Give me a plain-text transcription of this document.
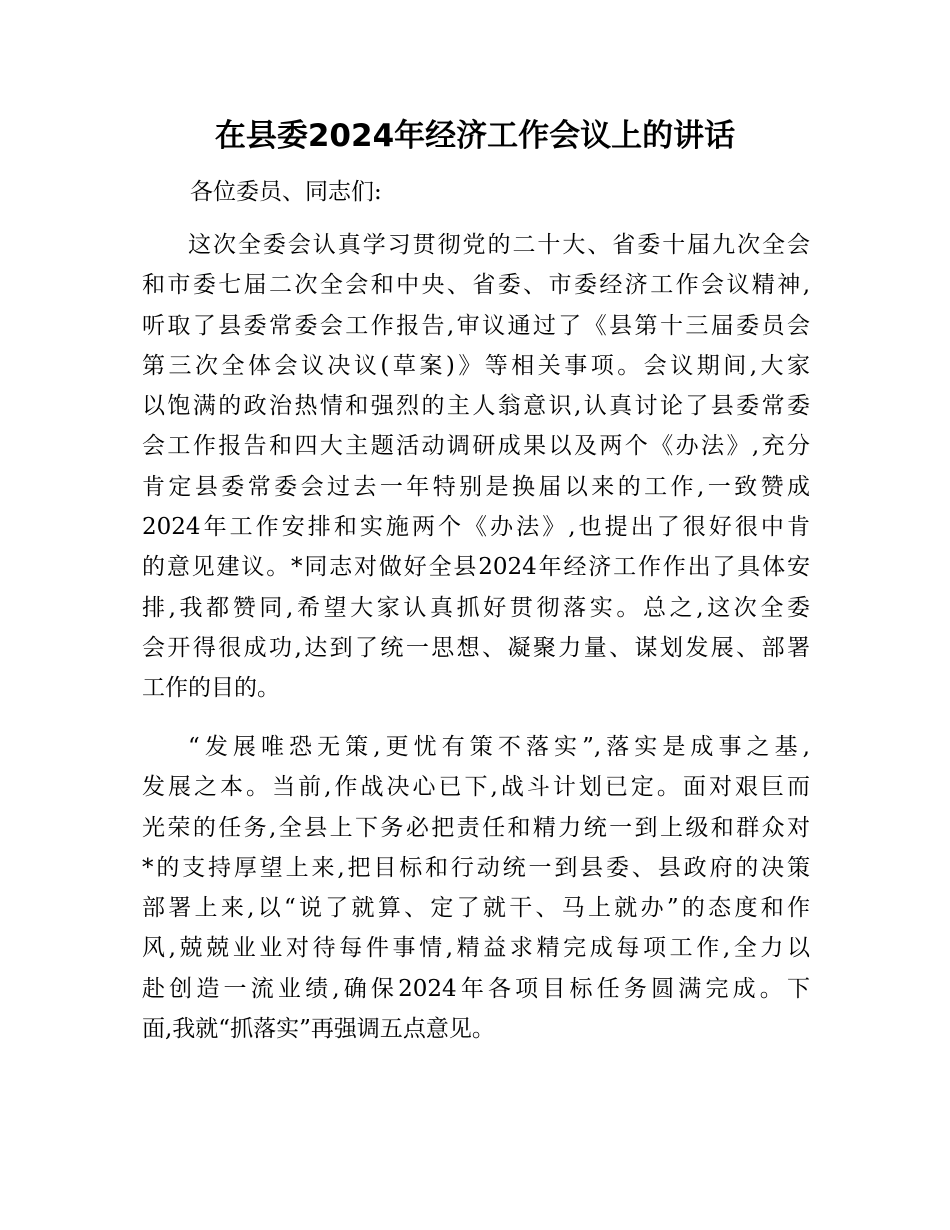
在县委2024年经济工作会议上的讲话

各位委员、同志们:

这次全委会认真学习贯彻党的二十大、省委十届九次全会
和市委七届二次全会和中央、省委、市委经济工作会议精神,
听取了县委常委会工作报告,审议通过了《县第十三届委员会
第三次全体会议决议(草案)》等相关事项。会议期间,大家
以饱满的政治热情和强烈的主人翁意识,认真讨论了县委常委
会工作报告和四大主题活动调研成果以及两个《办法》,充分
肯定县委常委会过去一年特别是换届以来的工作,一致赞成
2024年工作安排和实施两个《办法》,也提出了很好很中肯
的意见建议。*同志对做好全县2024年经济工作作出了具体安
排,我都赞同,希望大家认真抓好贯彻落实。总之,这次全委
会开得很成功,达到了统一思想、凝聚力量、谋划发展、部署
工作的目的。
“发展唯恐无策,更忧有策不落实”,落实是成事之基,
发展之本。当前,作战决心已下,战斗计划已定。面对艰巨而
光荣的任务,全县上下务必把责任和精力统一到上级和群众对
*的支持厚望上来,把目标和行动统一到县委、县政府的决策
部署上来,以“说了就算、定了就干、马上就办”的态度和作
风,兢兢业业对待每件事情,精益求精完成每项工作,全力以
赴创造一流业绩,确保2024年各项目标任务圆满完成。下
面,我就“抓落实”再强调五点意见。
